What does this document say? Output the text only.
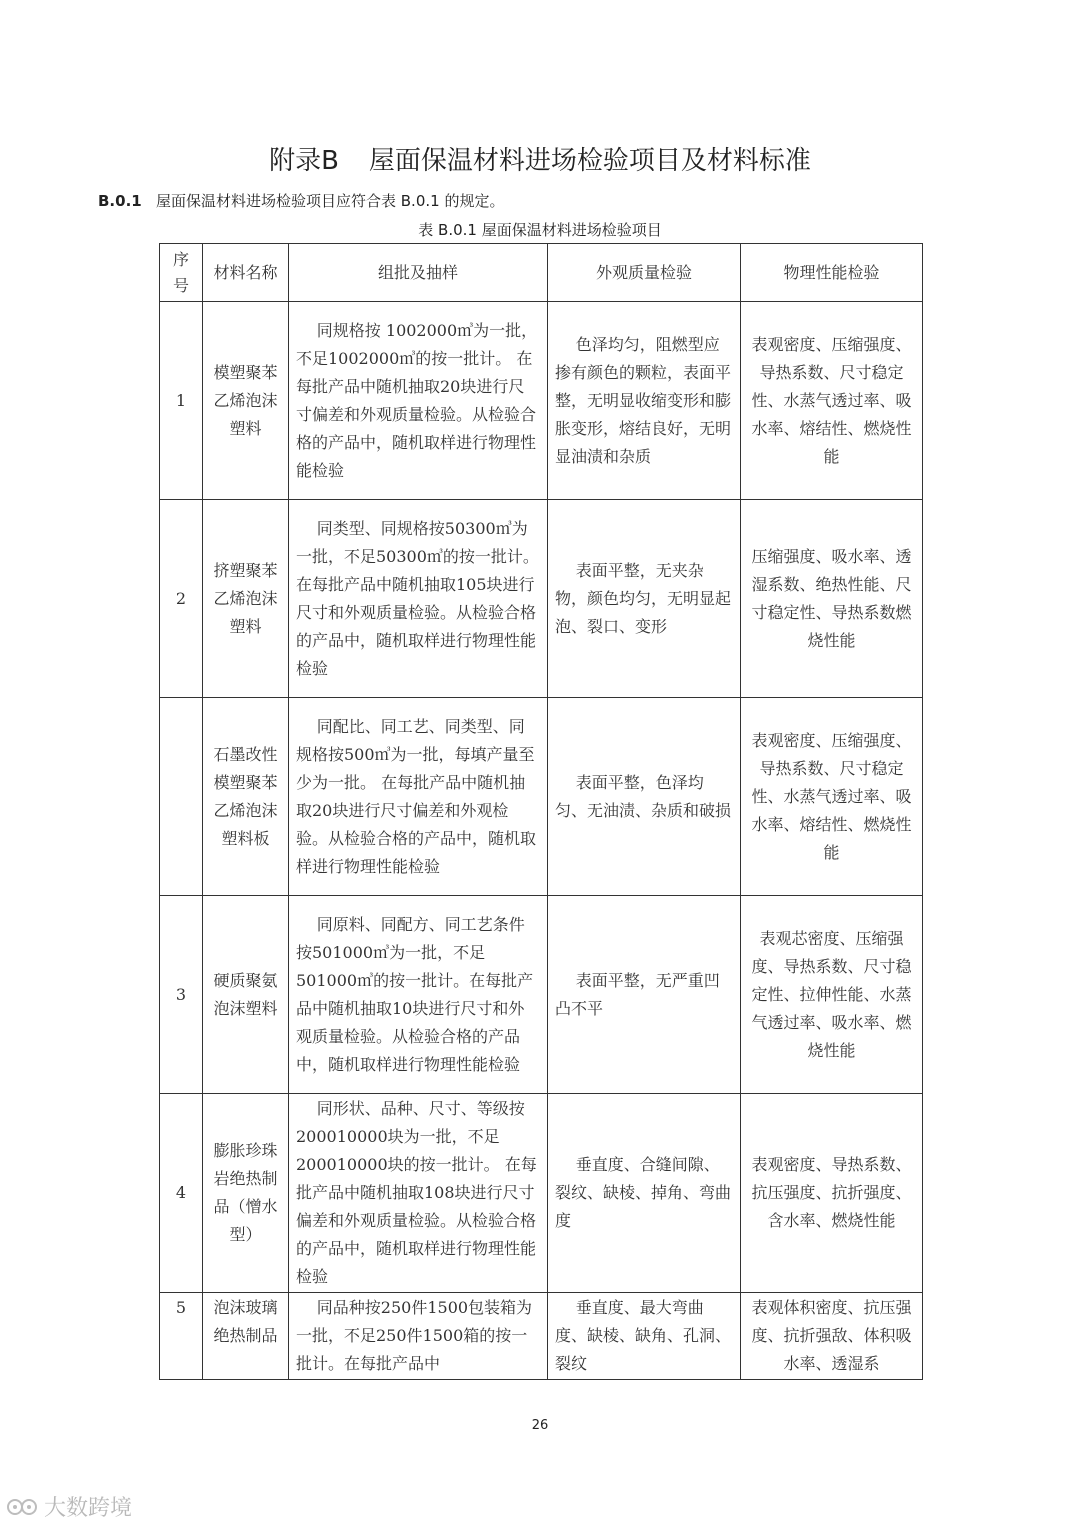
附录B 屋面保温材料进场检验项目及材料标准
B.0.1 屋面保温材料进场检验项目应符合表 B.0.1 的规定。
表 B.0.1 屋面保温材料进场检验项目
序号	材料名称	组批及抽样	外观质量检验	物理性能检验
1	模塑聚苯乙烯泡沫塑料	同规格按 1002000㎥为一批，不足1002000㎥的按一批计。 在每批产品中随机抽取20块进行尺寸偏差和外观质量检验。从检验合格的产品中，随机取样进行物理性能检验	色泽均匀，阻燃型应掺有颜色的颗粒，表面平整，无明显收缩变形和膨胀变形，熔结良好，无明显油渍和杂质	表观密度、压缩强度、导热系数、尺寸稳定性、水蒸气透过率、吸水率、熔结性、燃烧性能
2	挤塑聚苯乙烯泡沫塑料	同类型、同规格按50300㎥为一批，不足50300㎥的按一批计。在每批产品中随机抽取105块进行尺寸和外观质量检验。从检验合格的产品中，随机取样进行物理性能检验	表面平整，无夹杂物，颜色均匀，无明显起泡、裂口、变形	压缩强度、吸水率、透湿系数、绝热性能、尺寸稳定性、导热系数燃烧性能
	石墨改性模塑聚苯乙烯泡沫塑料板	同配比、同工艺、同类型、同规格按500㎥为一批，每填产量至少为一批。 在每批产品中随机抽取20块进行尺寸偏差和外观检验。从检验合格的产品中，随机取样进行物理性能检验	表面平整，色泽均匀、无油渍、杂质和破损	表观密度、压缩强度、导热系数、尺寸稳定性、水蒸气透过率、吸水率、熔结性、燃烧性能
3	硬质聚氨泡沫塑料	同原料、同配方、同工艺条件按501000㎥为一批，不足501000㎥的按一批计。在每批产品中随机抽取10块进行尺寸和外观质量检验。从检验合格的产品中，随机取样进行物理性能检验	表面平整，无严重凹凸不平	表观芯密度、压缩强度、导热系数、尺寸稳定性、拉伸性能、水蒸气透过率、吸水率、燃烧性能
4	膨胀珍珠岩绝热制品（憎水型）	同形状、品种、尺寸、等级按200010000块为一批，不足200010000块的按一批计。 在每批产品中随机抽取108块进行尺寸偏差和外观质量检验。从检验合格的产品中，随机取样进行物理性能检验	垂直度、合缝间隙、裂纹、缺棱、掉角、弯曲度	表观密度、导热系数、抗压强度、抗折强度、含水率、燃烧性能
5	泡沫玻璃绝热制品	同品种按250件1500包装箱为一批，不足250件1500箱的按一批计。在每批产品中	垂直度、最大弯曲度、缺棱、缺角、孔洞、裂纹	表观体积密度、抗压强度、抗折强敌、体积吸水率、透湿系
26
大数跨境
